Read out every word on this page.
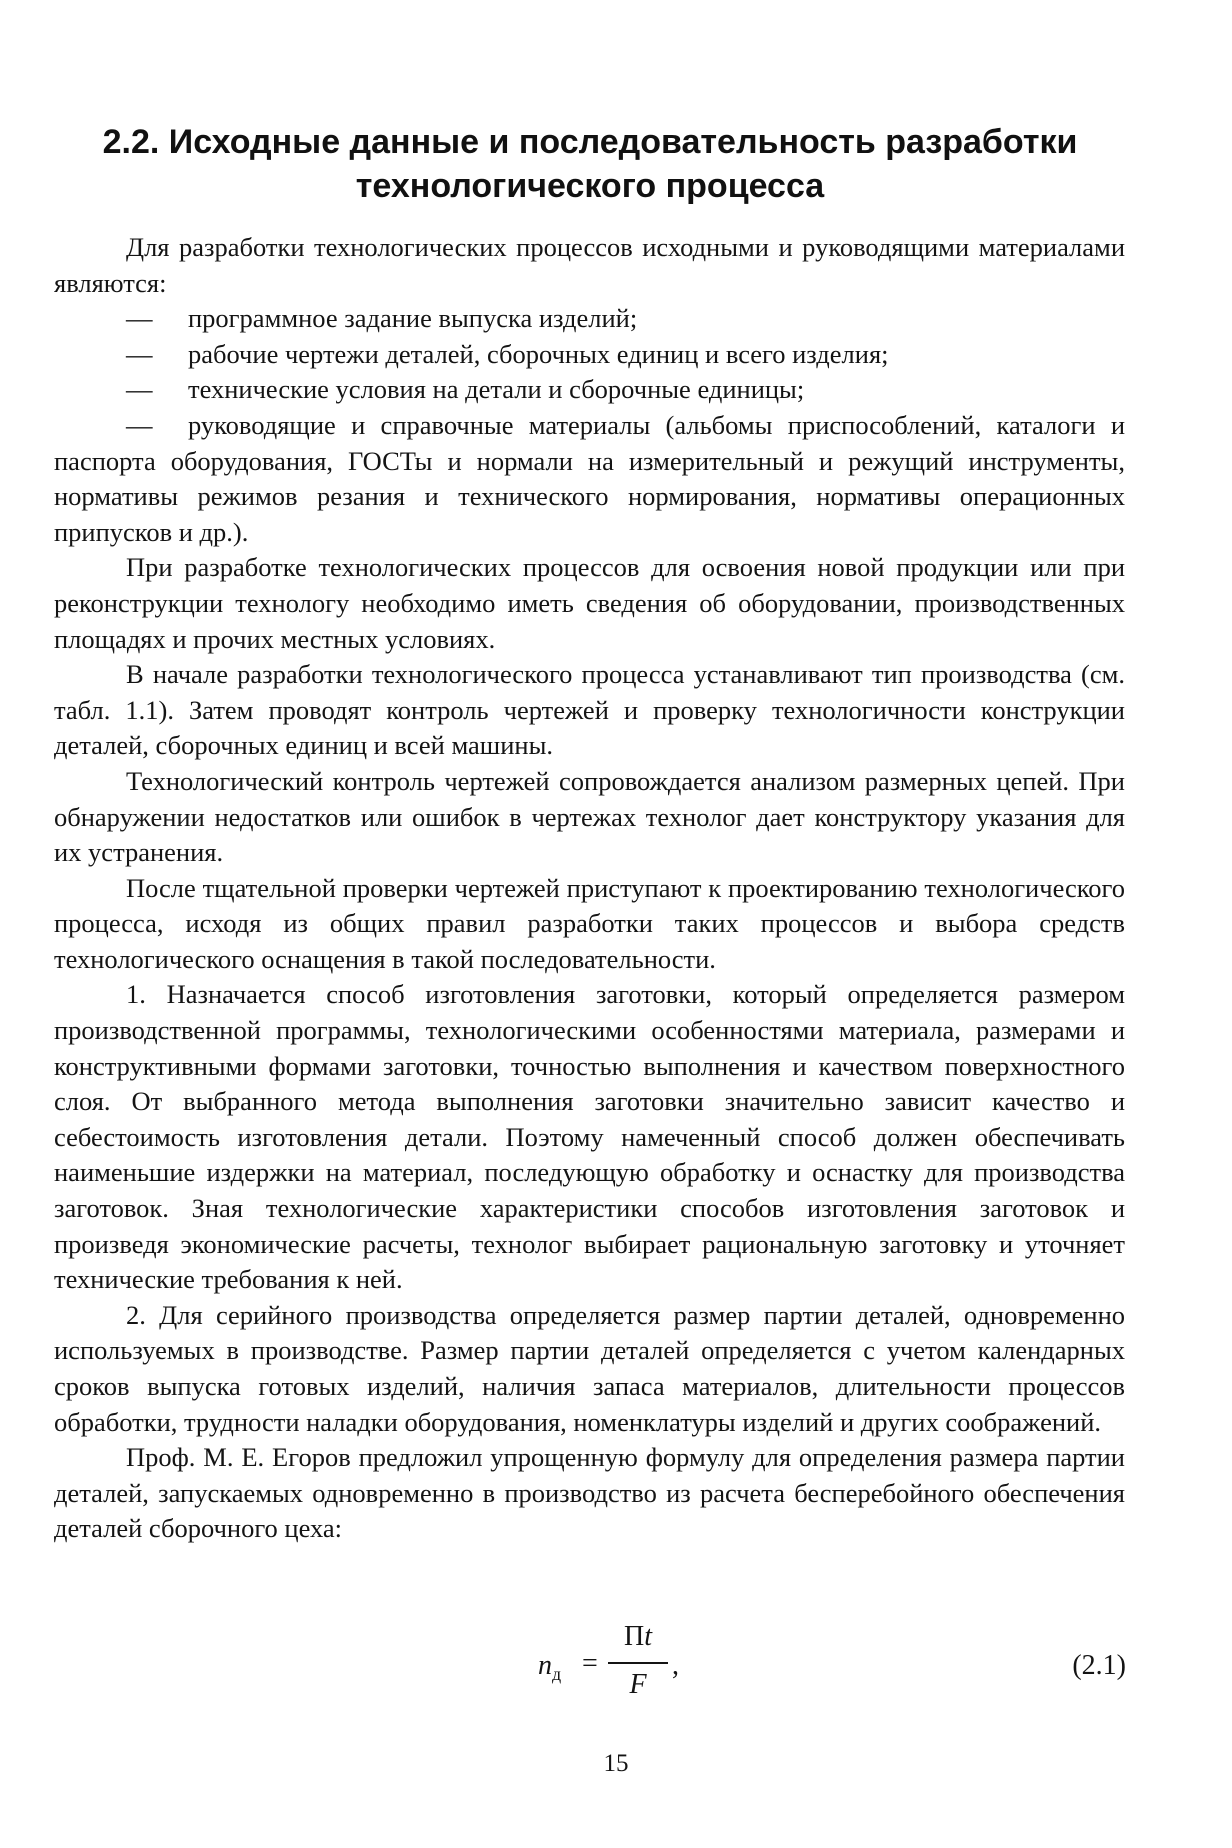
2.2. Исходные данные и последовательность разработки
технологического процесса

Для разработки технологических процессов исходными и руководящими материалами являются:

— программное задание выпуска изделий;
— рабочие чертежи деталей, сборочных единиц и всего изделия;
— технические условия на детали и сборочные единицы;
— руководящие и справочные материалы (альбомы приспособлений, каталоги и паспорта оборудования, ГОСТы и нормали на измерительный и режущий инструменты, нормативы режимов резания и технического нормирования, нормативы операционных припусков и др.).

При разработке технологических процессов для освоения новой продукции или при реконструкции технологу необходимо иметь сведения об оборудовании, производственных площадях и прочих местных условиях.

В начале разработки технологического процесса устанавливают тип производства (см. табл. 1.1). Затем проводят контроль чертежей и проверку технологичности конструкции деталей, сборочных единиц и всей машины.

Технологический контроль чертежей сопровождается анализом размерных цепей. При обнаружении недостатков или ошибок в чертежах технолог дает конструктору указания для их устранения.

После тщательной проверки чертежей приступают к проектированию технологического процесса, исходя из общих правил разработки таких процессов и выбора средств технологического оснащения в такой последовательности.

1. Назначается способ изготовления заготовки, который определяется размером производственной программы, технологическими особенностями материала, размерами и конструктивными формами заготовки, точностью выполнения и качеством поверхностного слоя. От выбранного метода выполнения заготовки значительно зависит качество и себестоимость изготовления детали. Поэтому намеченный способ должен обеспечивать наименьшие издержки на материал, последующую обработку и оснастку для производства заготовок. Зная технологические характеристики способов изготовления заготовок и произведя экономические расчеты, технолог выбирает рациональную заготовку и уточняет технические требования к ней.

2. Для серийного производства определяется размер партии деталей, одновременно используемых в производстве. Размер партии деталей определяется с учетом календарных сроков выпуска готовых изделий, наличия запаса материалов, длительности процессов обработки, трудности наладки оборудования, номенклатуры изделий и других соображений.

Проф. М. Е. Егоров предложил упрощенную формулу для определения размера партии деталей, запускаемых одновременно в производство из расчета бесперебойного обеспечения деталей сборочного цеха:

$n_д$ =
Пt
F
,	(2.1)
15
